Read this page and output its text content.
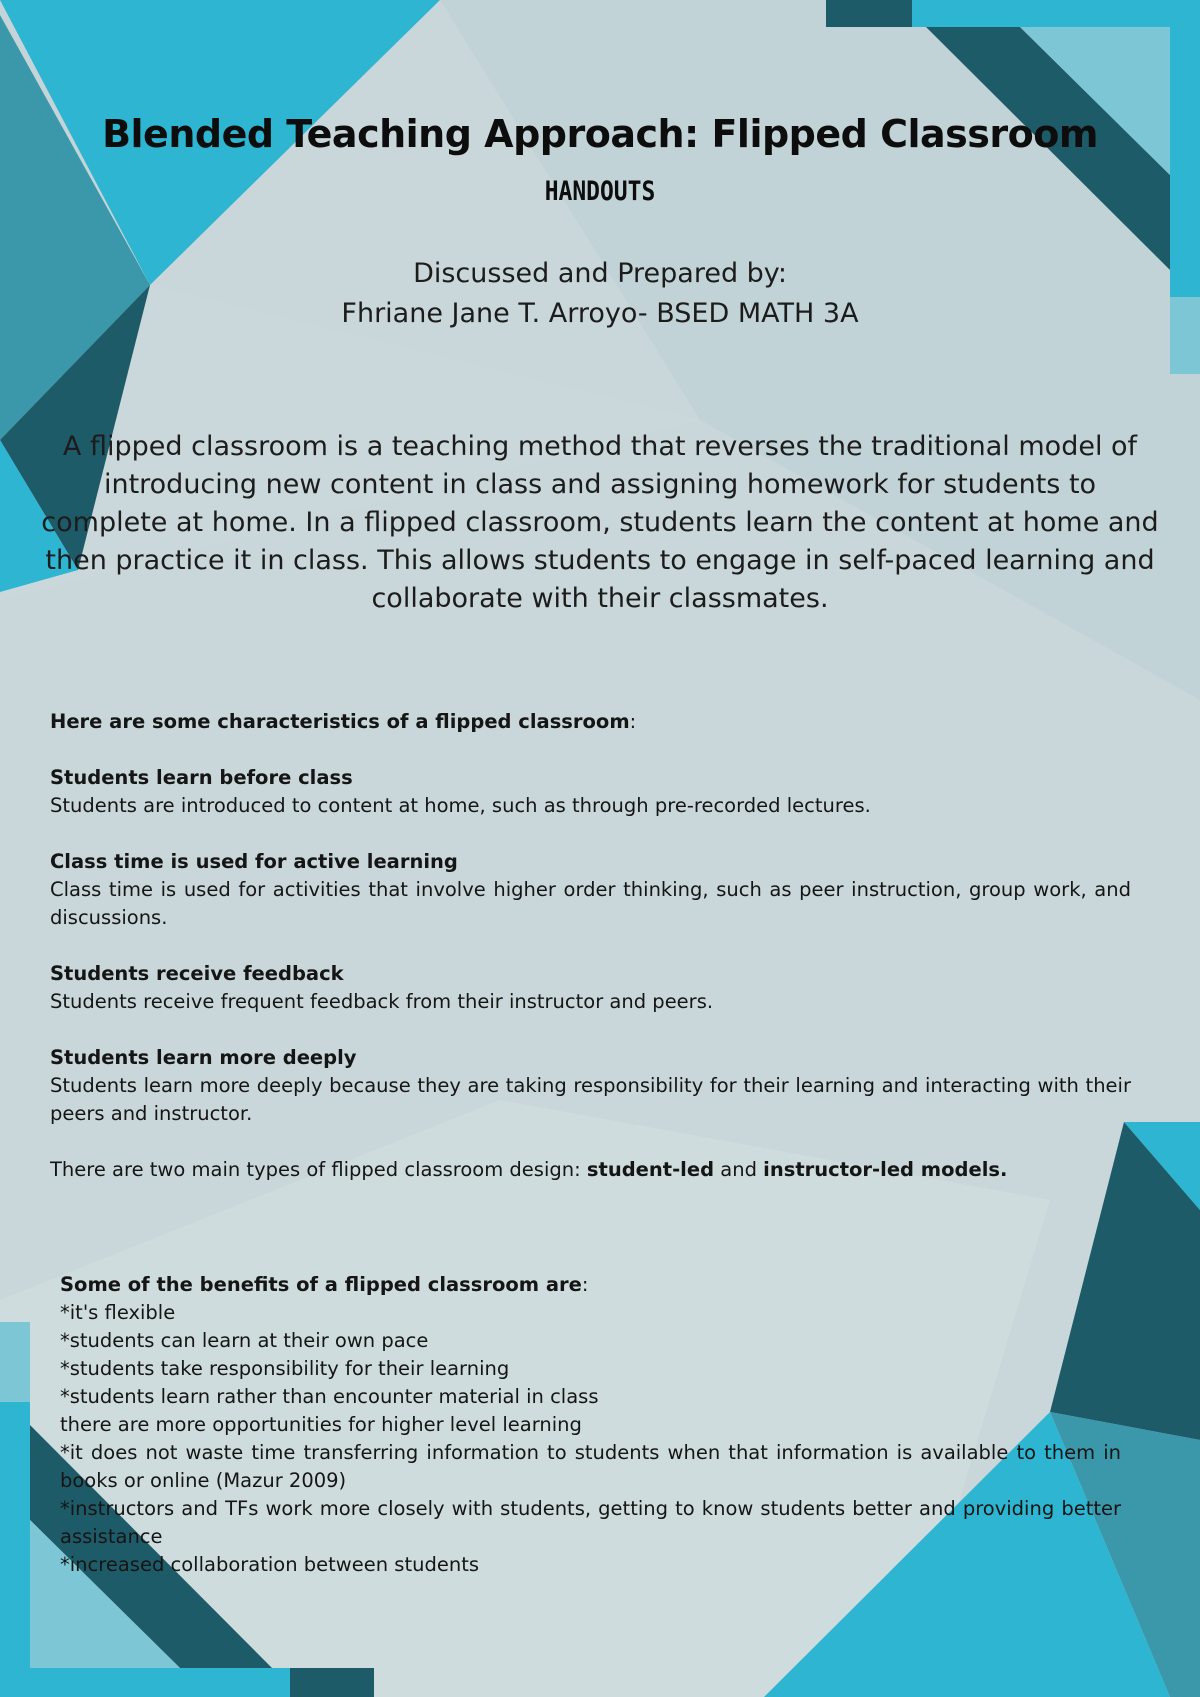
Blended Teaching Approach: Flipped Classroom
HANDOUTS
Discussed and Prepared by:
Fhriane Jane T. Arroyo- BSED MATH 3A
A flipped classroom is a teaching method that reverses the traditional model of introducing new content in class and assigning homework for students to complete at home. In a flipped classroom, students learn the content at home and then practice it in class. This allows students to engage in self-paced learning and collaborate with their classmates.

Here are some characteristics of a flipped classroom:

Students learn before class
Students are introduced to content at home, such as through pre-recorded lectures.

Class time is used for active learning
Class time is used for activities that involve higher order thinking, such as peer instruction, group work, and discussions.

Students receive feedback
Students receive frequent feedback from their instructor and peers.

Students learn more deeply
Students learn more deeply because they are taking responsibility for their learning and interacting with their peers and instructor.

There are two main types of flipped classroom design: student-led and instructor-led models.

Some of the benefits of a flipped classroom are:
*it's flexible
*students can learn at their own pace
*students take responsibility for their learning
*students learn rather than encounter material in class
there are more opportunities for higher level learning
*it does not waste time transferring information to students when that information is available to them in books or online (Mazur 2009)
*instructors and TFs work more closely with students, getting to know students better and providing better assistance
*increased collaboration between students
